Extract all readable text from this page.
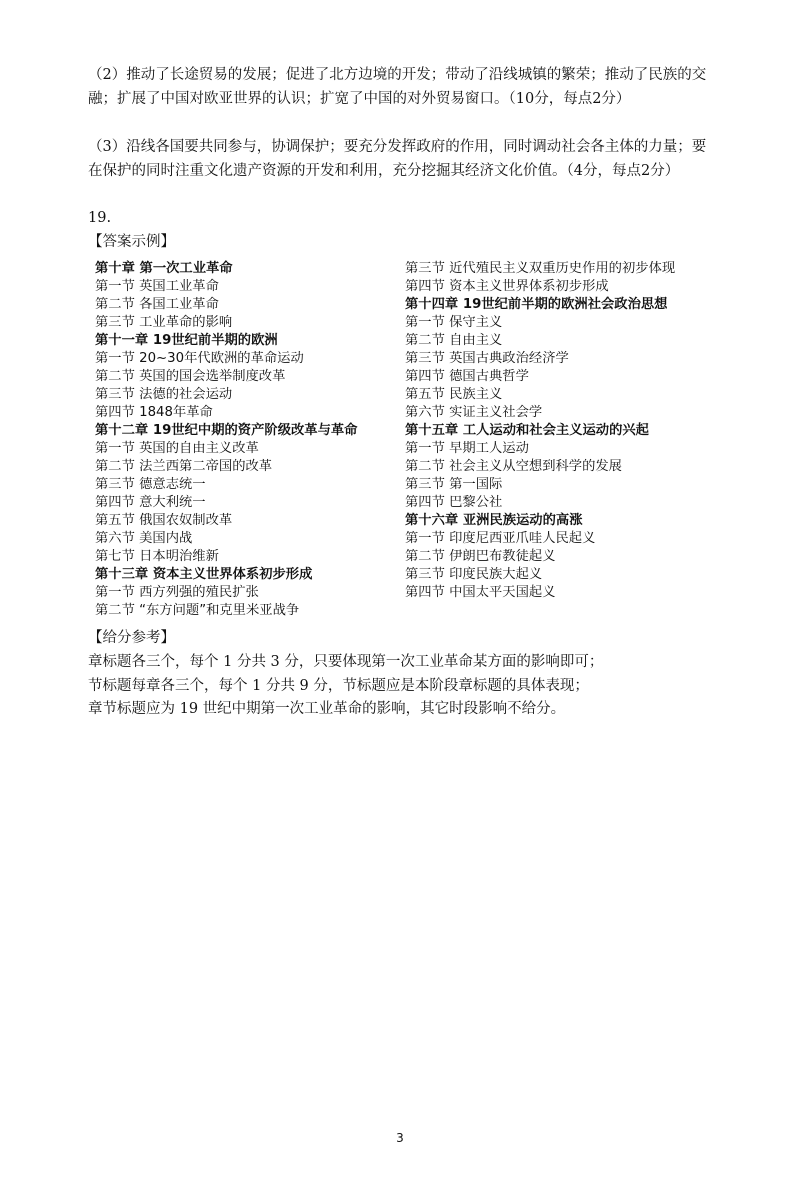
（2）推动了长途贸易的发展；促进了北方边境的开发；带动了沿线城镇的繁荣；推动了民族的交融；扩展了中国对欧亚世界的认识；扩宽了中国的对外贸易窗口。（10分，每点2分）

（3）沿线各国要共同参与，协调保护；要充分发挥政府的作用，同时调动社会各主体的力量；要在保护的同时注重文化遗产资源的开发和利用，充分挖掘其经济文化价值。（4分，每点2分）

19.

【答案示例】

第十章 第一次工业革命
第一节 英国工业革命
第二节 各国工业革命
第三节 工业革命的影响
第十一章 19世纪前半期的欧洲
第一节 20~30年代欧洲的革命运动
第二节 英国的国会选举制度改革
第三节 法德的社会运动
第四节 1848年革命
第十二章 19世纪中期的资产阶级改革与革命
第一节 英国的自由主义改革
第二节 法兰西第二帝国的改革
第三节 德意志统一
第四节 意大利统一
第五节 俄国农奴制改革
第六节 美国内战
第七节 日本明治维新
第十三章 资本主义世界体系初步形成
第一节 西方列强的殖民扩张
第二节 “东方问题”和克里米亚战争
第三节 近代殖民主义双重历史作用的初步体现
第四节 资本主义世界体系初步形成
第十四章 19世纪前半期的欧洲社会政治思想
第一节 保守主义
第二节 自由主义
第三节 英国古典政治经济学
第四节 德国古典哲学
第五节 民族主义
第六节 实证主义社会学
第十五章 工人运动和社会主义运动的兴起
第一节 早期工人运动
第二节 社会主义从空想到科学的发展
第三节 第一国际
第四节 巴黎公社
第十六章 亚洲民族运动的高涨
第一节 印度尼西亚爪哇人民起义
第二节 伊朗巴布教徒起义
第三节 印度民族大起义
第四节 中国太平天国起义

【给分参考】

章标题各三个，每个 1 分共 3 分，只要体现第一次工业革命某方面的影响即可；
节标题每章各三个，每个 1 分共 9 分，节标题应是本阶段章标题的具体表现；
章节标题应为 19 世纪中期第一次工业革命的影响，其它时段影响不给分。
3
